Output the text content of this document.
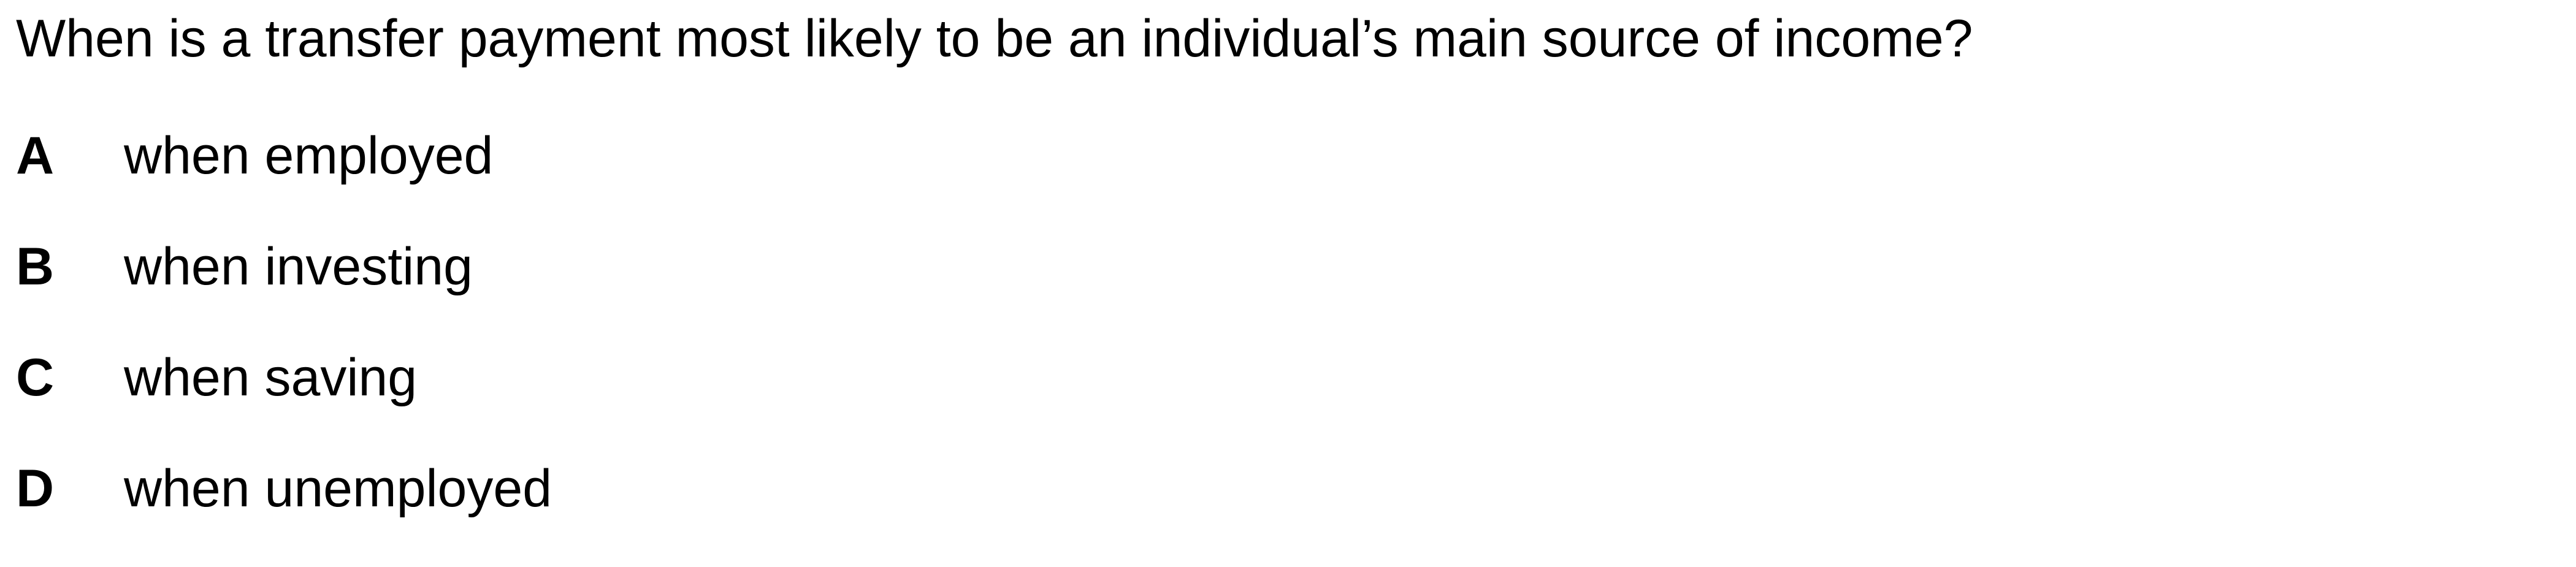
When is a transfer payment most likely to be an individual’s main source of income?
A	when employed
B	when investing
C	when saving
D	when unemployed
